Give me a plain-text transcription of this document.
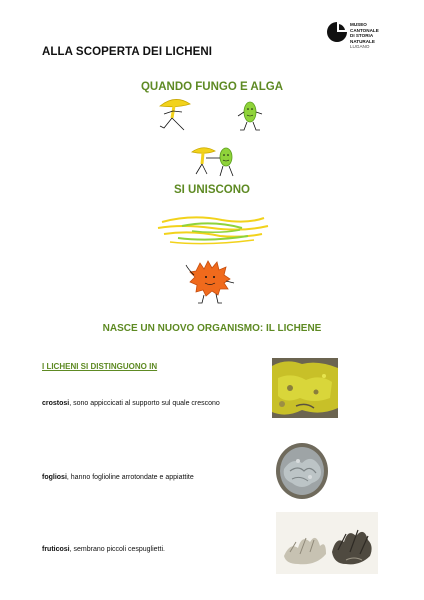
ALLA SCOPERTA DEI LICHENI
MUSEO
CANTONALE
DI STORIA
NATURALE
LUGANO
QUANDO FUNGO E ALGA
SI UNISCONO
NASCE UN NUOVO ORGANISMO: IL LICHENE
I LICHENI SI DISTINGUONO IN
crostosi, sono appiccicati al supporto sul quale crescono
fogliosi, hanno foglioline arrotondate e appiattite
fruticosi, sembrano piccoli cespuglietti.
